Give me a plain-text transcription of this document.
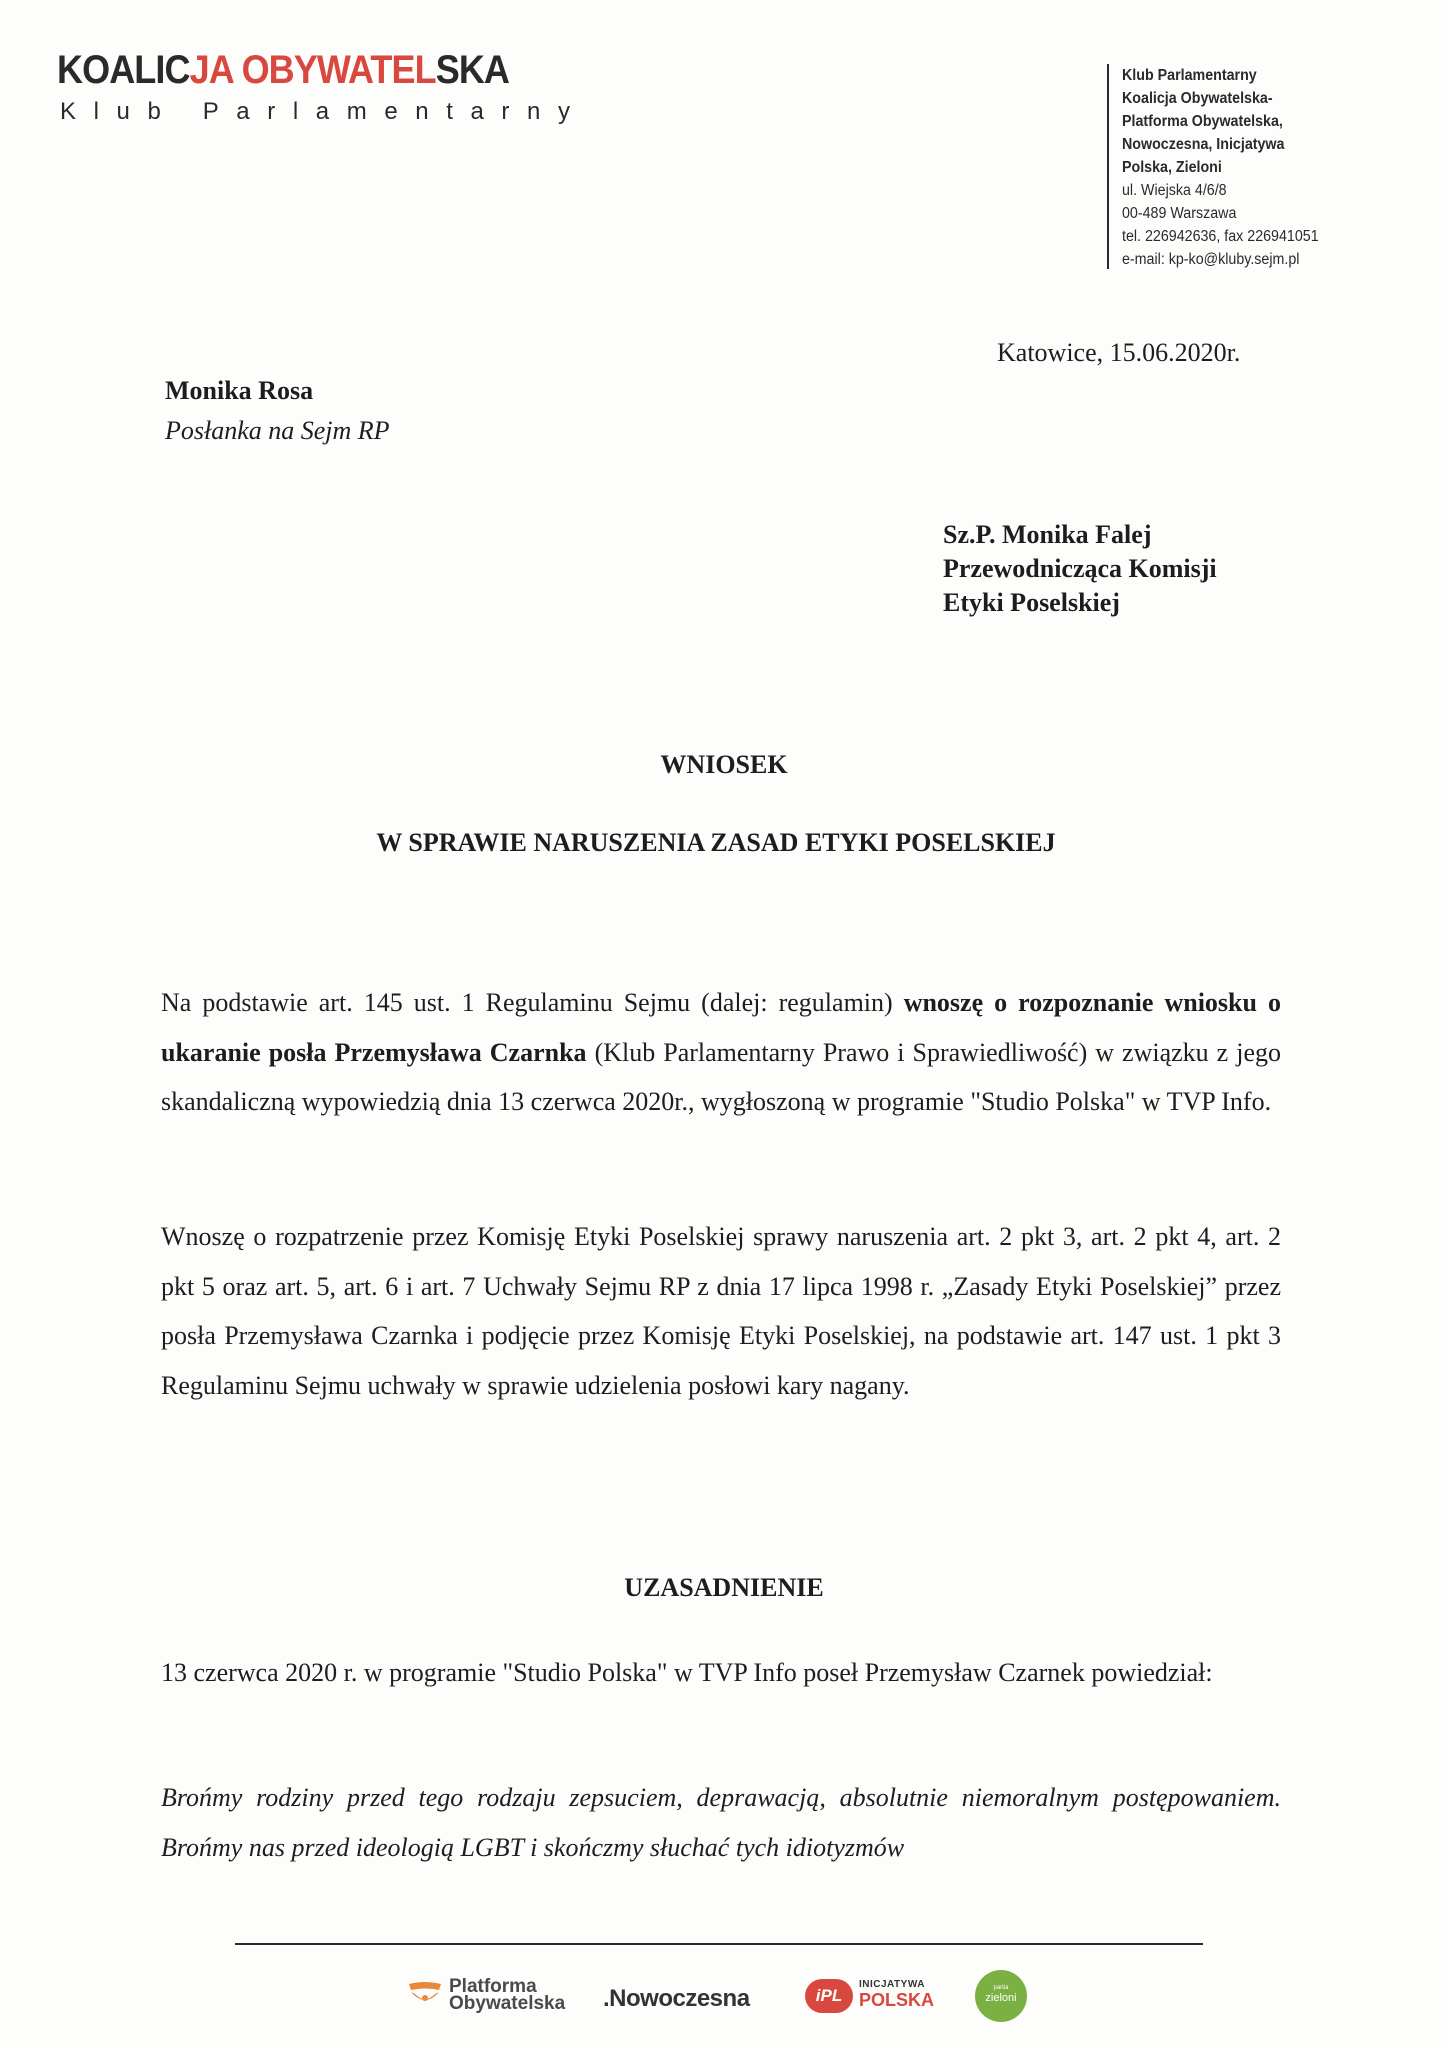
KOALICJA OBYWATELSKA
Klub Parlamentarny
Klub Parlamentarny
Koalicja Obywatelska-
Platforma Obywatelska,
Nowoczesna, Inicjatywa
Polska, Zieloni
ul. Wiejska 4/6/8
00-489 Warszawa
tel. 226942636, fax 226941051
e-mail: kp-ko@kluby.sejm.pl
Katowice, 15.06.2020r.
Monika Rosa
Posłanka na Sejm RP
Sz.P. Monika Falej
Przewodnicząca Komisji
Etyki Poselskiej
WNIOSEK
W SPRAWIE NARUSZENIA ZASAD ETYKI POSELSKIEJ
Na podstawie art. 145 ust. 1 Regulaminu Sejmu (dalej: regulamin) wnoszę o rozpoznanie wniosku o ukaranie posła Przemysława Czarnka (Klub Parlamentarny Prawo i Sprawiedliwość) w związku z jego skandaliczną wypowiedzią dnia 13 czerwca 2020r., wygłoszoną w programie "Studio Polska" w TVP Info.
Wnoszę o rozpatrzenie przez Komisję Etyki Poselskiej sprawy naruszenia art. 2 pkt 3, art. 2 pkt 4, art. 2 pkt 5 oraz art. 5, art. 6 i art. 7 Uchwały Sejmu RP z dnia 17 lipca 1998 r. „Zasady Etyki Poselskiej” przez posła Przemysława Czarnka i podjęcie przez Komisję Etyki Poselskiej, na podstawie art. 147 ust. 1 pkt 3 Regulaminu Sejmu uchwały w sprawie udzielenia posłowi kary nagany.
UZASADNIENIE
13 czerwca 2020 r. w programie "Studio Polska" w TVP Info poseł Przemysław Czarnek powiedział:
Brońmy rodziny przed tego rodzaju zepsuciem, deprawacją, absolutnie niemoralnym postępowaniem. Brońmy nas przed ideologią LGBT i skończmy słuchać tych idiotyzmów
Platforma
Obywatelska .Nowoczesna	iPL
INICJATYWA
POLSKA
partia
zieloni
